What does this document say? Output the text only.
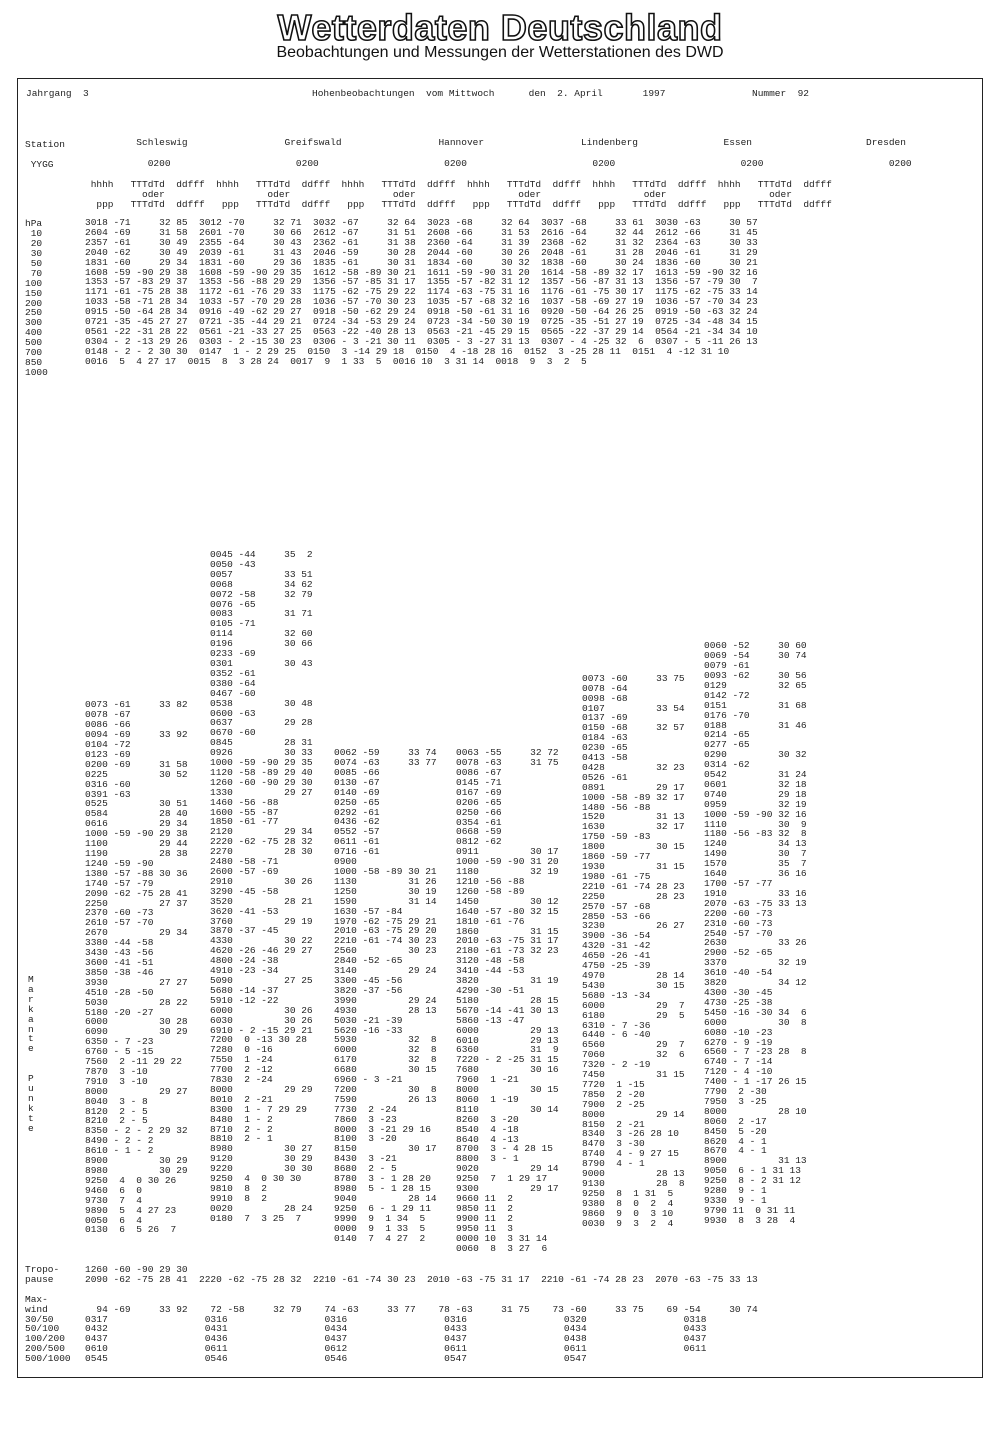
Wetterdaten Deutschland
Beobachtungen und Messungen der Wetterstationen des DWD
Jahrgang  3	Hohenbeobachtungen  vom Mittwoch      den  2. April       1997	Nummer  92
Station

YYGG

hPa
10
20
30
50
70
100
150
200
250
300
400
500
700
850
1000
Schleswig                 Greifswald                 Hannover                 Lindenberg               Essen                    Dresden

0200                      0200                      0200                      0200                      0200                      0200

hhhh   TTTdTd  ddfff  hhhh   TTTdTd  ddfff  hhhh   TTTdTd  ddfff  hhhh   TTTdTd  ddfff  hhhh   TTTdTd  ddfff  hhhh   TTTdTd  ddfff
oder                  oder                  oder                  oder                  oder                  oder
ppp   TTTdTd  ddfff   ppp   TTTdTd  ddfff   ppp   TTTdTd  ddfff   ppp   TTTdTd  ddfff   ppp   TTTdTd  ddfff   ppp   TTTdTd  ddfff
3018 -71     32 85  3012 -70     32 71  3032 -67     32 64  3023 -68     32 64  3037 -68     33 61  3030 -63     30 57
2604 -69     31 58  2601 -70     30 66  2612 -67     31 51  2608 -66     31 53  2616 -64     32 44  2612 -66     31 45
2357 -61     30 49  2355 -64     30 43  2362 -61     31 38  2360 -64     31 39  2368 -62     31 32  2364 -63     30 33
2040 -62     30 49  2039 -61     31 43  2046 -59     30 28  2044 -60     30 26  2048 -61     31 28  2046 -61     31 29
1831 -60     29 34  1831 -60     29 36  1835 -61     30 31  1834 -60     30 32  1838 -60     30 24  1836 -60     30 21
1608 -59 -90 29 38  1608 -59 -90 29 35  1612 -58 -89 30 21  1611 -59 -90 31 20  1614 -58 -89 32 17  1613 -59 -90 32 16
1353 -57 -83 29 37  1353 -56 -88 29 29  1356 -57 -85 31 17  1355 -57 -82 31 12  1357 -56 -87 31 13  1356 -57 -79 30  7
1171 -61 -75 28 38  1172 -61 -76 29 33  1175 -62 -75 29 22  1174 -63 -75 31 16  1176 -61 -75 30 17  1175 -62 -75 33 14
1033 -58 -71 28 34  1033 -57 -70 29 28  1036 -57 -70 30 23  1035 -57 -68 32 16  1037 -58 -69 27 19  1036 -57 -70 34 23
0915 -50 -64 28 34  0916 -49 -62 29 27  0918 -50 -62 29 24  0918 -50 -61 31 16  0920 -50 -64 26 25  0919 -50 -63 32 24
0721 -35 -45 27 27  0721 -35 -44 29 21  0724 -34 -53 29 24  0723 -34 -50 30 19  0725 -35 -51 27 19  0725 -34 -48 34 15
0561 -22 -31 28 22  0561 -21 -33 27 25  0563 -22 -40 28 13  0563 -21 -45 29 15  0565 -22 -37 29 14  0564 -21 -34 34 10
0304 - 2 -13 29 26  0303 - 2 -15 30 23  0306 - 3 -21 30 11  0305 - 3 -27 31 13  0307 - 4 -25 32  6  0307 - 5 -11 26 13
0148 - 2 - 2 30 30  0147  1 - 2 29 25  0150  3 -14 29 18  0150  4 -18 28 16  0152  3 -25 28 11  0151  4 -12 31 10
0016  5  4 27 17  0015  8  3 28 24  0017  9  1 33  5  0016 10  3 31 14  0018  9  3  2  5

0073 -61     33 82
0078 -67
0086 -66
0094 -69     33 92
0104 -72
0123 -69
0200 -69     31 58
0225         30 52
0316 -60
0391 -63
0525         30 51
0584         28 40
0616         29 34
1000 -59 -90 29 38
1100         29 44
1190         28 38
1240 -59 -90
1380 -57 -88 30 36
1740 -57 -79
2090 -62 -75 28 41
2250         27 37
2370 -60 -73
2610 -57 -70
2670         29 34
3380 -44 -58
3430 -43 -56
3600 -41 -51
3850 -38 -46
3930         27 27
4510 -28 -50
5030         28 22
5180 -20 -27
6000         30 28
6090         30 29
6350 - 7 -23
6760 - 5 -15
7560  2 -11 29 22
7870  3 -10
7910  3 -10
8000         29 27
8040  3 - 8
8120  2 - 5
8210  2 - 5
8350 - 2 - 2 29 32
8490 - 2 - 2
8610 - 1 - 2
8900         30 29
8980         30 29
9250  4  0 30 26
9460  6  0
9730  7  4
9890  5  4 27 23
0050  6  4
0130  6  5 26  7
0045 -44     35  2
0050 -43
0057         33 51
0068         34 62
0072 -58     32 79
0076 -65
0083         31 71
0105 -71
0114         32 60
0196         30 66
0233 -69
0301         30 43
0352 -61
0380 -64
0467 -60
0538         30 48
0600 -63
0637         29 28
0670 -60
0845         28 31
0926         30 33
1000 -59 -90 29 35
1120 -58 -89 29 40
1260 -60 -90 29 30
1330         29 27
1460 -56 -88
1600 -55 -87
1850 -61 -77
2120         29 34
2220 -62 -75 28 32
2270         28 30
2480 -58 -71
2600 -57 -69
2910         30 26
3290 -45 -58
3520         28 21
3620 -41 -53
3760         29 19
3870 -37 -45
4330         30 22
4620 -26 -46 29 27
4800 -24 -38
4910 -23 -34
5090         27 25
5680 -14 -37
5910 -12 -22
6000         30 26
6030         30 26
6910 - 2 -15 29 21
7200  0 -13 30 28
7280  0 -16
7550  1 -24
7700  2 -12
7830  2 -24
8000         29 29
8010  2 -21
8300  1 - 7 29 29
8480  1 - 2
8710  2 - 2
8810  2 - 1
8980         30 27
9120         30 29
9220         30 30
9250  4  0 30 30
9810  8  2
9910  8  2
0020         28 24
0180  7  3 25  7

0062 -59     33 74
0074 -63     33 77
0085 -66
0130 -67
0140 -69
0250 -65
0292 -61
0436 -62
0552 -57
0611 -61
0716 -61
0900
1000 -58 -89 30 21
1130         31 26
1250         30 19
1590         31 14
1630 -57 -84
1970 -62 -75 29 21
2010 -63 -75 29 20
2210 -61 -74 30 23
2560         30 23
2840 -52 -65
3140         29 24
3300 -45 -56
3820 -37 -56
3990         29 24
4930         28 13
5030 -21 -39
5620 -16 -33
5930         32  8
6000         32  8
6170         32  8
6680         30 15
6960 - 3 -21
7200         30  8
7590         26 13
7730  2 -24
7860  3 -23
8000  3 -21 29 16
8100  3 -20
8150         30 17
8430  3 -21
8680  2 - 5
8780  3 - 1 28 20
8980  5 - 1 28 15
9040         28 14
9250  6 - 1 29 11
9990  9  1 34  5
0000  9  1 33  5
0140  7  4 27  2

0063 -55     32 72
0078 -63     31 75
0086 -67
0145 -71
0167 -69
0206 -65
0250 -66
0354 -61
0668 -59
0812 -62
0911         30 17
1000 -59 -90 31 20
1180         32 19
1210 -56 -88
1260 -58 -89
1450         30 12
1640 -57 -80 32 15
1810 -61 -76
1860         31 15
2010 -63 -75 31 17
2180 -61 -73 32 23
3120 -48 -58
3410 -44 -53
3820         31 19
4290 -30 -51
5180         28 15
5670 -14 -41 30 13
5860 -13 -47
6000         29 13
6010         29 13
6360         31  9
7220 - 2 -25 31 15
7680         30 16
7960  1 -21
8000         30 15
8060  1 -19
8110         30 14
8260  3 -20
8540  4 -18
8640  4 -13
8700  3 - 4 28 15
8800  3 - 1
9020         29 14
9250  7  1 29 17
9300         29 17
9660 11  2
9850 11  2
9900 11  2
9950 11  3
0000 10  3 31 14
0060  8  3 27  6

0073 -60     33 75
0078 -64
0098 -68
0107         33 54
0137 -69
0150 -68     32 57
0184 -63
0230 -65
0413 -58
0428         32 23
0526 -61
0891         29 17
1000 -58 -89 32 17
1480 -56 -88
1520         31 13
1630         32 17
1750 -59 -83
1800         30 15
1860 -59 -77
1930         31 15
1980 -61 -75
2210 -61 -74 28 23
2250         28 23
2570 -57 -68
2850 -53 -66
3230         26 27
3900 -36 -54
4320 -31 -42
4650 -26 -41
4750 -25 -39
4970         28 14
5430         30 15
5680 -13 -34
6000         29  7
6180         29  5
6310 - 7 -36
6440 - 6 -40
6560         29  7
7060         32  6
7320 - 2 -19
7450         31 15
7720  1 -15
7850  2 -20
7900  2 -25
8000         29 14
8150  2 -21
8340  3 -26 28 10
8470  3 -30
8740  4 - 9 27 15
8790  4 - 1
9000         28 13
9130         28  8
9250  8  1 31  5
9380  8  0  2  4
9860  9  0  3 10
0030  9  3  2  4

0060 -52     30 60
0069 -54     30 74
0079 -61
0093 -62     30 56
0129         32 65
0142 -72
0151         31 68
0176 -70
0188         31 46
0214 -65
0277 -65
0290         30 32
0314 -62
0542         31 24
0601         32 18
0740         29 18
0959         32 19
1000 -59 -90 32 16
1110         30  9
1180 -56 -83 32  8
1240         34 13
1490         30  7
1570         35  7
1640         36 16
1700 -57 -77
1910         33 16
2070 -63 -75 33 13
2200 -60 -73
2310 -60 -73
2540 -57 -70
2630         33 26
2900 -52 -65
3370         32 19
3610 -40 -54
3820         34 12
4300 -30 -45
4730 -25 -38
5450 -16 -30 34  6
6000         30  8
6080 -10 -23
6270 - 9 -19
6560 - 7 -23 28  8
6740 - 7 -14
7120 - 4 -10
7400 - 1 -17 26 15
7790  2 -30
7950  3 -25
8000         28 10
8060  2 -17
8450  5 -20
8620  4 - 1
8670  4 - 1
8900         31 13
9050  6 - 1 31 13
9250  8 - 2 31 12
9280  9 - 1
9330  9 - 1
9790 11  0 31 11
9930  8  3 28  4
M
a
r
k
a
n
t
e

P
u
n
k
t
e
Tropo-
pause

Max-
wind
30/50
50/100
100/200
200/500
500/1000
1260 -60 -90 29 30
2090 -62 -75 28 41  2220 -62 -75 28 32  2210 -61 -74 30 23  2010 -63 -75 31 17  2210 -61 -74 28 23  2070 -63 -75 33 13

94 -69     33 92    72 -58     32 79    74 -63     33 77    78 -63     31 75    73 -60     33 75    69 -54     30 74
0317                 0316                 0316                 0316                 0320                 0318
0432                 0431                 0434                 0433                 0434                 0433
0437                 0436                 0437                 0437                 0438                 0437
0610                 0611                 0612                 0611                 0611                 0611
0545                 0546                 0546                 0547                 0547
